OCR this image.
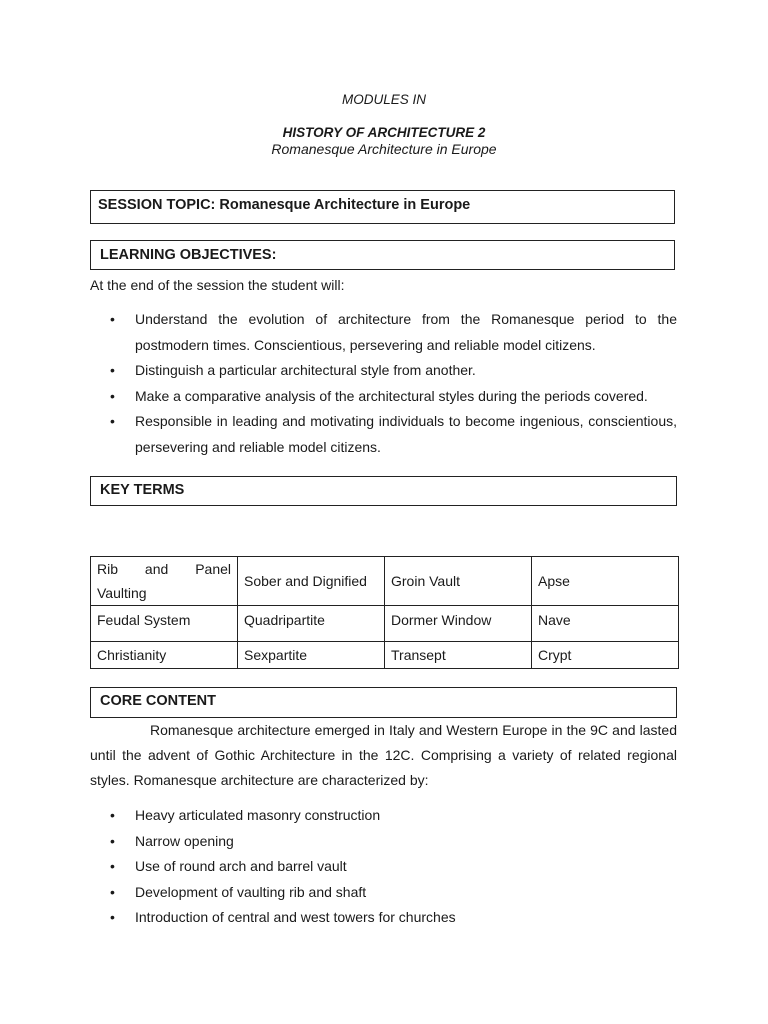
MODULES IN
HISTORY OF ARCHITECTURE 2
Romanesque Architecture in Europe
SESSION TOPIC: Romanesque Architecture in Europe
LEARNING OBJECTIVES:
At the end of the session the student will:
• Understand the evolution of architecture from the Romanesque period to the postmodern times. Conscientious, persevering and reliable model citizens.
• Distinguish a particular architectural style from another.
• Make a comparative analysis of the architectural styles during the periods covered.
• Responsible in leading and motivating individuals to become ingenious, conscientious, persevering and reliable model citizens.
KEY TERMS
Rib and Panel Vaulting	Sober and Dignified	Groin Vault	Apse
Feudal System	Quadripartite	Dormer Window	Nave
Christianity	Sexpartite	Transept	Crypt
CORE CONTENT
Romanesque architecture emerged in Italy and Western Europe in the 9C and lasted until the advent of Gothic Architecture in the 12C. Comprising a variety of related regional styles. Romanesque architecture are characterized by:
• Heavy articulated masonry construction
• Narrow opening
• Use of round arch and barrel vault
• Development of vaulting rib and shaft
• Introduction of central and west towers for churches
